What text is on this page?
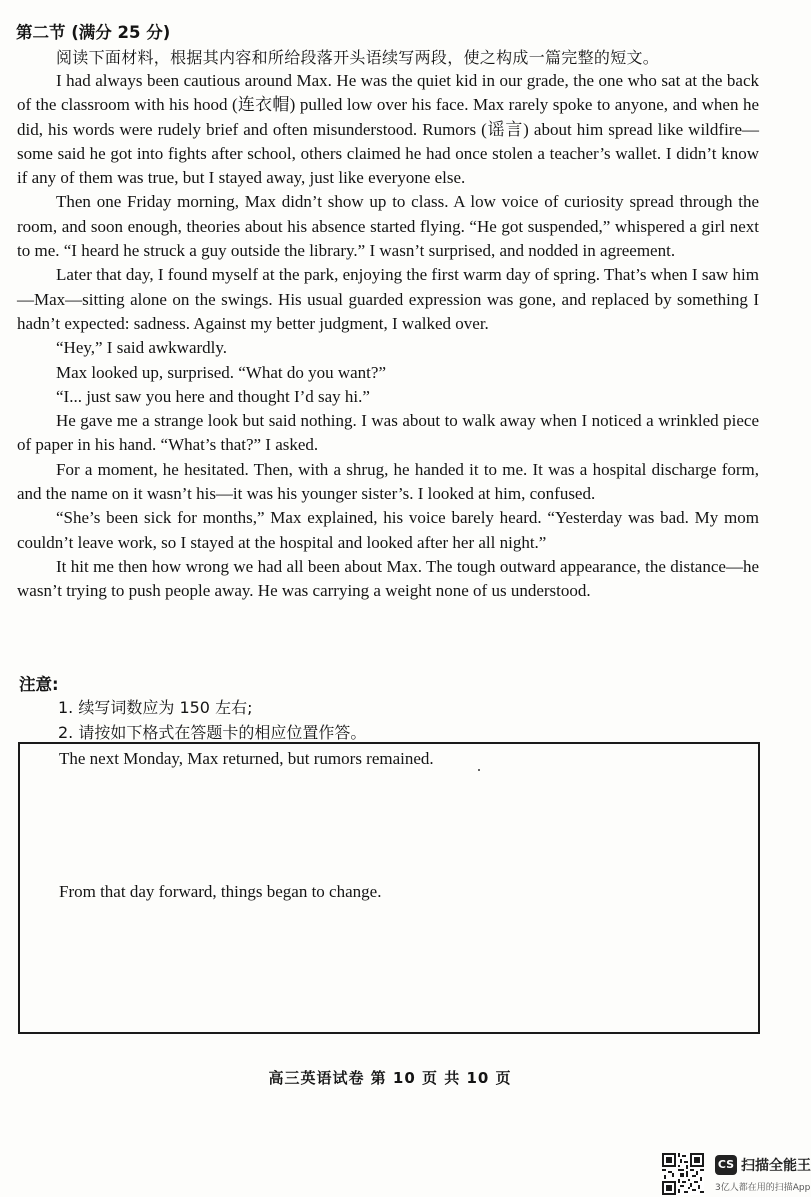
第二节 (满分 25 分)
阅读下面材料，根据其内容和所给段落开头语续写两段，使之构成一篇完整的短文。

I had always been cautious around Max. He was the quiet kid in our grade, the one who sat at the back of the classroom with his hood (连衣帽) pulled low over his face. Max rarely spoke to anyone, and when he did, his words were rudely brief and often misunderstood. Rumors (谣言) about him spread like wildfire—some said he got into fights after school, others claimed he had once stolen a teacher’s wallet. I didn’t know if any of them was true, but I stayed away, just like everyone else.

Then one Friday morning, Max didn’t show up to class. A low voice of curiosity spread through the room, and soon enough, theories about his absence started flying. “He got suspended,” whispered a girl next to me. “I heard he struck a guy outside the library.” I wasn’t surprised, and nodded in agreement.

Later that day, I found myself at the park, enjoying the first warm day of spring. That’s when I saw him—Max—sitting alone on the swings. His usual guarded expression was gone, and replaced by something I hadn’t expected: sadness. Against my better judgment, I walked over.

“Hey,” I said awkwardly.

Max looked up, surprised. “What do you want?”

“I... just saw you here and thought I’d say hi.”

He gave me a strange look but said nothing. I was about to walk away when I noticed a wrinkled piece of paper in his hand. “What’s that?” I asked.

For a moment, he hesitated. Then, with a shrug, he handed it to me. It was a hospital discharge form, and the name on it wasn’t his—it was his younger sister’s. I looked at him, confused.

“She’s been sick for months,” Max explained, his voice barely heard. “Yesterday was bad. My mom couldn’t leave work, so I stayed at the hospital and looked after her all night.”

It hit me then how wrong we had all been about Max. The tough outward appearance, the distance—he wasn’t trying to push people away. He was carrying a weight none of us understood.

注意:
1. 续写词数应为 150 左右;
2. 请按如下格式在答题卡的相应位置作答。
The next Monday, Max returned, but rumors remained.
From that day forward, things began to change.
高三英语试卷 第 10 页 共 10 页
CS 扫描全能王
3亿人都在用的扫描App
